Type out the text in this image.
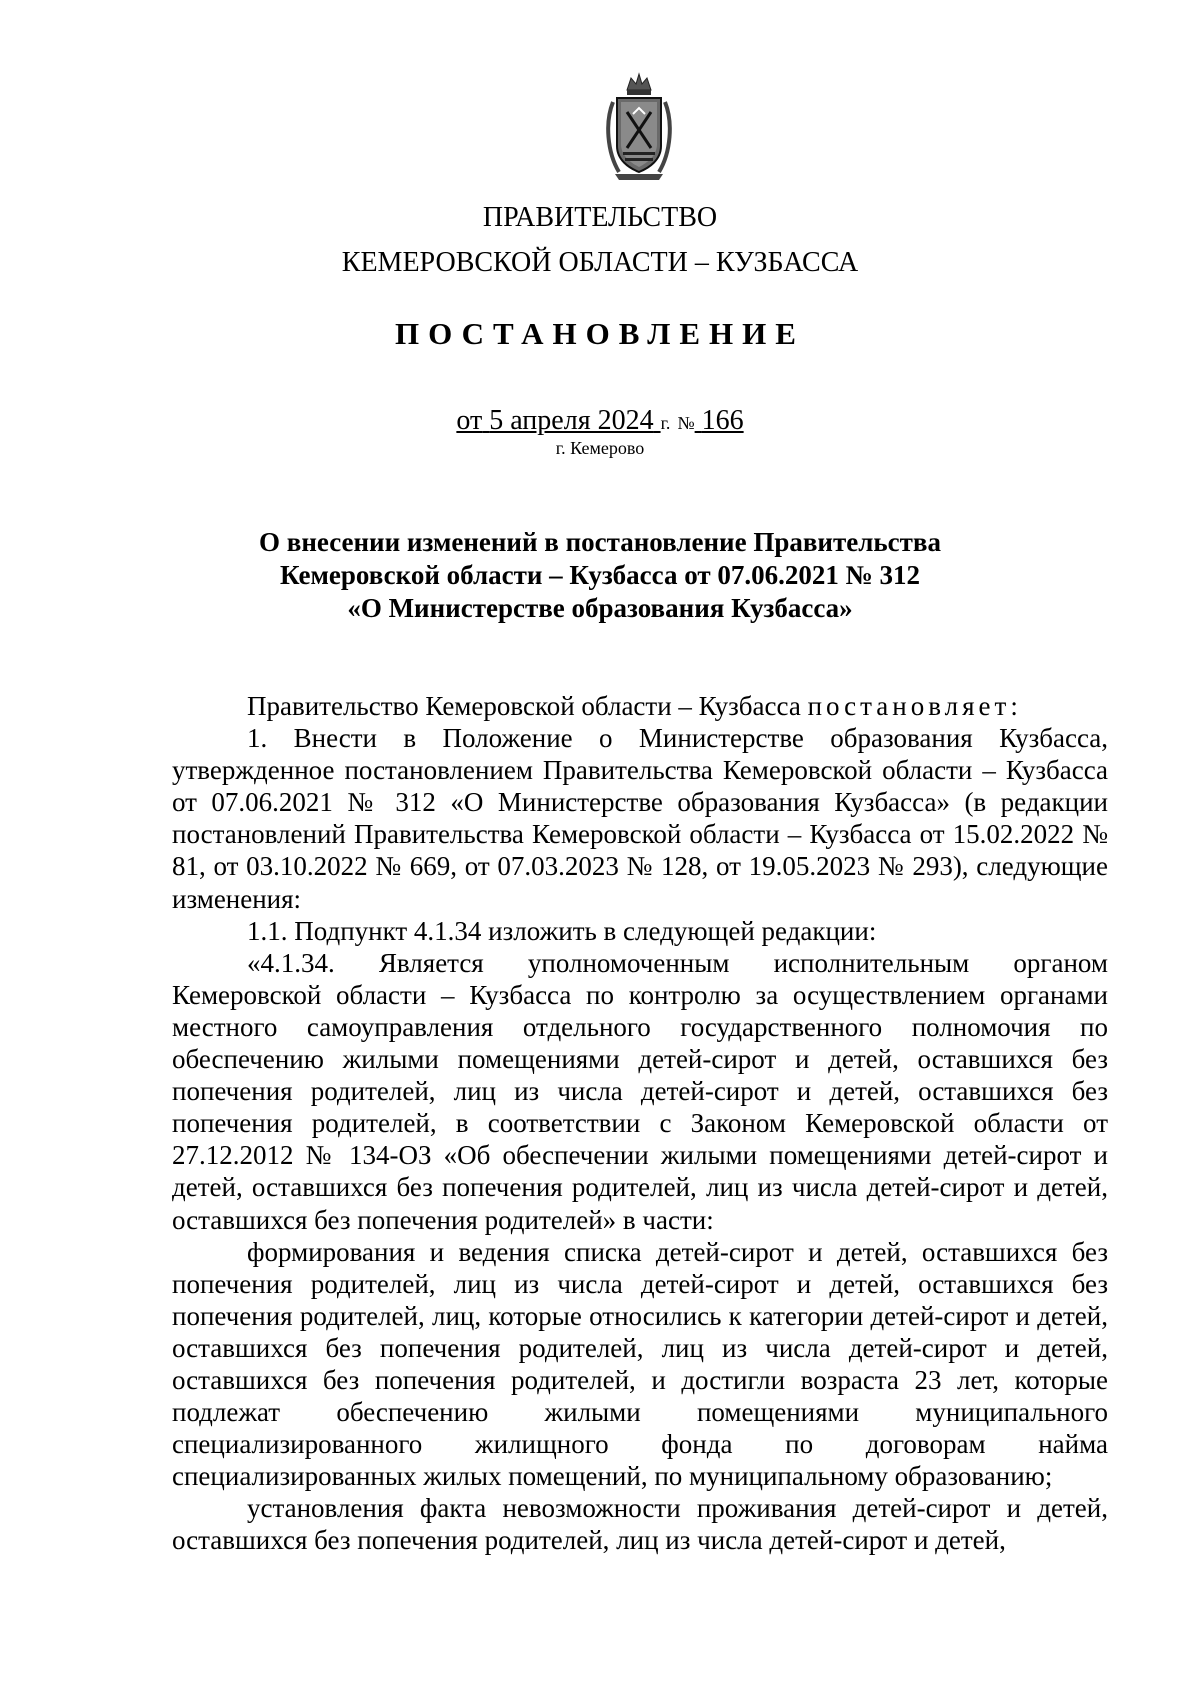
ПРАВИТЕЛЬСТВО
КЕМЕРОВСКОЙ ОБЛАСТИ – КУЗБАССА
ПОСТАНОВЛЕНИЕ
от 5 апреля 2024 г. № 166
г. Кемерово
О внесении изменений в постановление Правительства
Кемеровской области – Кузбасса от 07.06.2021 № 312
«О Министерстве образования Кузбасса»

Правительство Кемеровской области – Кузбасса постановляет:

1. Внести в Положение о Министерстве образования Кузбасса, утвержденное постановлением Правительства Кемеровской области – Кузбасса от 07.06.2021 № 312 «О Министерстве образования Кузбасса» (в редакции постановлений Правительства Кемеровской области – Кузбасса от 15.02.2022 № 81, от 03.10.2022 № 669, от 07.03.2023 № 128, от 19.05.2023 № 293), следующие изменения:

1.1. Подпункт 4.1.34 изложить в следующей редакции:

«4.1.34. Является уполномоченным исполнительным органом Кемеровской области – Кузбасса по контролю за осуществлением органами местного самоуправления отдельного государственного полномочия по обеспечению жилыми помещениями детей-сирот и детей, оставшихся без попечения родителей, лиц из числа детей-сирот и детей, оставшихся без попечения родителей, в соответствии с Законом Кемеровской области от 27.12.2012 № 134-ОЗ «Об обеспечении жилыми помещениями детей-сирот и детей, оставшихся без попечения родителей, лиц из числа детей-сирот и детей, оставшихся без попечения родителей» в части:

формирования и ведения списка детей-сирот и детей, оставшихся без попечения родителей, лиц из числа детей-сирот и детей, оставшихся без попечения родителей, лиц, которые относились к категории детей-сирот и детей, оставшихся без попечения родителей, лиц из числа детей-сирот и детей, оставшихся без попечения родителей, и достигли возраста 23 лет, которые подлежат обеспечению жилыми помещениями муниципального специализированного жилищного фонда по договорам найма специализированных жилых помещений, по муниципальному образованию;

установления факта невозможности проживания детей-сирот и детей, оставшихся без попечения родителей, лиц из числа детей-сирот и детей,
